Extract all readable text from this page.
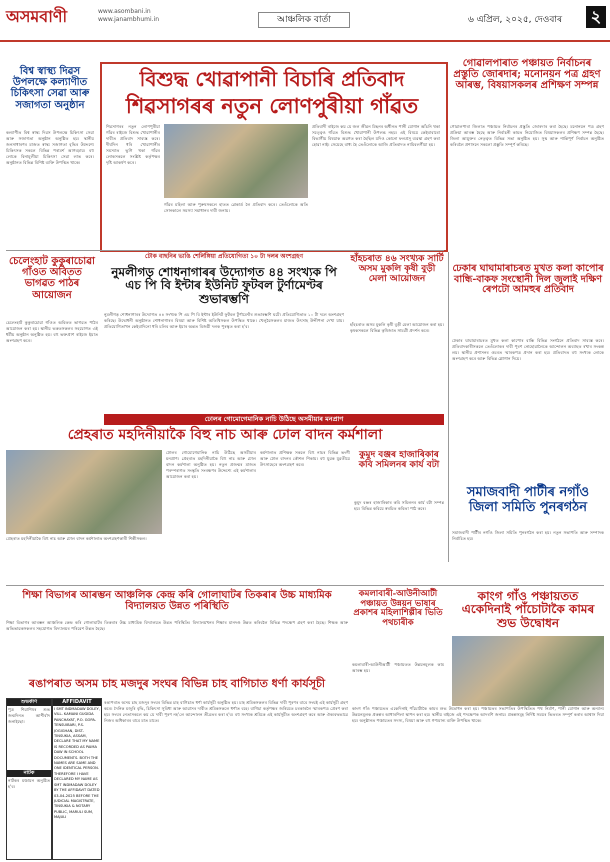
অসমবাণী	www.asombani.in
www.janambhumi.in	আঞ্চলিক বাৰ্তা	৬ এপ্ৰিল, ২০২৫, দেওবাৰ ২
বিশ্ব স্বাস্থ্য দিৱস উপলক্ষে কল্যাণীত চিকিৎসা সেৱা আৰু সজাগতা অনুষ্ঠান
কল্যাণীত বিশ্ব স্বাস্থ্য দিৱস উপলক্ষে চিকিৎসা সেৱা আৰু সজাগতা অনুষ্ঠান অনুষ্ঠিত হয়। স্থানীয় জনসাধাৰণৰ মাজত স্বাস্থ্য সজাগতা বৃদ্ধিৰ উদ্দেশ্যে চিকিৎসক সকলে বিভিন্ন পৰামৰ্শ আগবঢ়ায়। বহু লোকে বিনামূলীয়া চিকিৎসা সেৱা লাভ কৰে। অনুষ্ঠানত বিভিন্ন বিশিষ্ট ব্যক্তি উপস্থিত থাকে।
বিশুদ্ধ খোৱাপানী বিচাৰি প্ৰতিবাদ
শিৱসাগৰৰ নতুন লোণপুৰীয়া গাঁৱত
শিৱসাগৰৰ নতুন লোণপুৰীয়া গাঁৱৰ ৰাইজে বিশুদ্ধ খোৱাপানীৰ দাবীত প্ৰতিবাদ সাব্যস্ত কৰে। দীৰ্ঘদিন ধৰি খোৱাপানীৰ সমস্যাত ভুগি থকা গাঁৱৰ লোকসকলে সংশ্লিষ্ট কৰ্তৃপক্ষৰ দৃষ্টি আকৰ্ষণ কৰে।
গাঁৱৰ মহিলা আৰু পুৰুষসকলে হাতত প্লেকাৰ্ড লৈ প্ৰতিবাদ কৰে। তেওঁলোকে অতি সোনকালে সমস্যা সমাধানৰ দাবী জনায়।
প্ৰতিবাদী ৰাইজে কয় যে জল জীৱন মিছনৰ অধীনত পানী যোগান আঁচনি থকা সত্ত্বেও গাঁৱত বিশুদ্ধ খোৱাপানী উপলব্ধ নহয়। এই বিষয়ে কেইবাবাৰো বিভাগীয় বিষয়াক অৱগত কৰা হৈছিল যদিও কোনো ফলপ্ৰসূ ব্যৱস্থা গ্ৰহণ কৰা হোৱা নাই। সেয়েহে বাধ্য হৈ তেওঁলোকে আজি প্ৰতিবাদত নামিবলগীয়া হয়।
গোৱালপাৰাত পঞ্চায়ত নিৰ্বাচনৰ প্ৰস্তুতি জোৰদাৰ; মনোনয়ন পত্ৰ গ্ৰহণ আৰম্ভ, বিষয়াসকলৰ প্ৰশিক্ষণ সম্পন্ন
গোৱালপাৰা জিলাত পঞ্চায়ত নিৰ্বাচনৰ প্ৰস্তুতি জোৰদাৰ কৰা হৈছে। মনোনয়ন পত্ৰ গ্ৰহণ প্ৰক্ৰিয়া আৰম্ভ হৈছে আৰু নিৰ্বাচনী কামত নিয়োজিত বিষয়াসকলৰ প্ৰশিক্ষণ সম্পন্ন হৈছে। জিলা আয়ুক্তৰ নেতৃত্বত বিভিন্ন সভা অনুষ্ঠিত হয়। সুস্থ আৰু শান্তিপূৰ্ণ নিৰ্বাচন অনুষ্ঠিত কৰিবলৈ প্ৰশাসনে সকলো প্ৰস্তুতি সম্পূৰ্ণ কৰিছে।
চেলেংহাট কুকুৰাচোৱা গাঁওত অবিতত ভাগৱত পাঠৰ আয়োজন
চেলেংহাট কুকুৰাচোৱা গাঁওত অবিতত ভাগৱত পাঠৰ আয়োজন কৰা হয়। স্থানীয় ভকতসকলৰ সহযোগত এই ধৰ্মীয় অনুষ্ঠান অনুষ্ঠিত হয়। বহু ভক্তপ্ৰাণ ৰাইজে ইয়াত অংশগ্ৰহণ কৰে।
ঢৌক বাছনিৰ ভাঙি শেৰ্লিঙ্গিয়া প্ৰতিযোগিতা ১০ টা দলৰ অংশগ্ৰহণ
নুমলীগড় শোধনাগাৰৰ উদ্যোগত ৪৪ সংখ্যক পি এচ পি বি ইন্টাৰ ইউনিট ফুটবল টুৰ্ণামেণ্টৰ শুভাৰম্ভণি
নুমলীগড় শোধনাগাৰৰ উদ্যোগত ৪৪ সংখ্যক পি এচ পি বি ইন্টাৰ ইউনিট ফুটবল টুৰ্ণামেণ্টৰ শুভাৰম্ভণি ঘটে। প্ৰতিযোগিতাত ১০ টা দলে অংশগ্ৰহণ কৰিছে। উদ্বোধনী অনুষ্ঠানত শোধনাগাৰৰ বিষয়া আৰু বিশিষ্ট অতিথিসকল উপস্থিত থাকে। খেলুৱৈসকলৰ মাজত উৎসাহ উদ্দীপনা দেখা যায়। প্ৰতিযোগিতাখন কেইবাদিনো ধৰি চলিব আৰু ইয়াৰ অন্তত বিজয়ী দলক পুৰস্কৃত কৰা হ'ব।
হাঁহচৰাত ৪৬ সংখ্যক সাৰ্টি অসম মুকলি কৃষী বুড়ী মেলা আয়োজন
হাঁহচৰাত অসম মুকলি কৃষী বুড়ী মেলা আয়োজন কৰা হয়। কৃষকসকলে বিভিন্ন কৃষিজাত সামগ্ৰী প্ৰদৰ্শন কৰে।
ঢেকাৰ ঘাঘামাৰাচৰত মুখত কলা কাপোৰ বান্ধি-বাকফ সংস্থোনী দিল জুলাই দক্ষিণ ৰেপটো আমহুৰ প্ৰতিবাদ
ঢেকাৰ ঘাঘামাৰাচৰত মুখত কলা কাপোৰ বান্ধি বিভিন্ন সংগঠনে প্ৰতিবাদ সাব্যস্ত কৰে। প্ৰতিবাদকাৰীসকলে তেওঁলোকৰ দাবী পূৰণ নোহোৱালৈকে আন্দোলন অব্যাহত ৰখাৰ সংকল্প লয়। স্থানীয় প্ৰশাসনৰ ওচৰত স্মাৰকপত্ৰ প্ৰদান কৰা হয়। প্ৰতিবাদত বহু সংখ্যক লোকে অংশগ্ৰহণ কৰে আৰু বিভিন্ন শ্লোগান দিয়ে।
ঢোলৰ গোমোগেমানিক নাচি উঠিছে অসমীয়াৰ মনপ্ৰাণ
প্ৰেহৰাত মহদিনীয়াকৈ বিহু নাচ আৰু ঢোল বাদন কৰ্মশালা
প্ৰেহৰাত মহদিনীয়াকৈ বিহু নাচ আৰু ঢোল বাদন কৰ্মশালাত অংশগ্ৰহণকাৰী শিল্পীসকল।
ঢোলৰ গোমোগেমানিক নাচি উঠিছে অসমীয়াৰ মনপ্ৰাণ। প্ৰেহৰাত মহদিনীয়াকৈ বিহু নাচ আৰু ঢোল বাদন কৰ্মশালা অনুষ্ঠিত হয়। নতুন প্ৰজন্মৰ মাজত পৰম্পৰাগত সংস্কৃতি সংৰক্ষণৰ উদ্দেশ্যে এই কৰ্মশালাৰ আয়োজন কৰা হয়।
কৰ্মশালাত প্ৰশিক্ষক সকলে বিহু নাচৰ বিভিন্ন ভংগী আৰু ঢোল বাদনৰ কৌশল শিকায়। বহু যুৱক যুৱতীয়ে উৎসাহেৰে অংশগ্ৰহণ কৰে।
কুমুদ বঞ্জৰ হাজাৰিকাৰ কবি সমিলনৰ কাৰ্য বটা
কুমুদ বঞ্জৰ হাজাৰিকাৰ কবি সমিলনৰ কাৰ্য বটা সম্পন্ন হয়। বিভিন্ন কবিয়ে স্বৰচিত কবিতা পাঠ কৰে।
সমাজবাদী পাৰ্টীৰ নগাঁও জিলা সমিতি পুনৰগঠন
সমাজবাদী পাৰ্টীৰ নগাঁও জিলা সমিতি পুনৰগঠন কৰা হয়। নতুন সভাপতি আৰু সম্পাদক নিৰ্বাচিত হয়।
শিক্ষা বিভাগৰ আৰম্ভন আঞ্চলিক কেন্দ্ৰ কৰি গোলাঘাটৰ তিকৰাৰ উচ্চ মাধ্যমিক বিদ্যালয়ত উন্নত পৰিস্থিতি
শিক্ষা বিভাগৰ আৰম্ভন আঞ্চলিক কেন্দ্ৰ কৰি গোলাঘাটৰ তিকৰাৰ উচ্চ মাধ্যমিক বিদ্যালয়ত উন্নত পৰিস্থিতি। বিদ্যালয়খনৰ শিক্ষাৰ মানদণ্ড উন্নত কৰিবলৈ বিভিন্ন পদক্ষেপ গ্ৰহণ কৰা হৈছে। শিক্ষক আৰু অভিভাৱকসকলৰ সহযোগত বিদ্যালয়ৰ পৰিৱেশ উন্নত হৈছে।
কমলাবাৰী-আউনীআটী পঞ্চায়ত উন্নয়ন ভাষাৰ প্ৰকাশৰ মহিলাশিল্পীৰ ভিতি পথচাৰীক
কমলাবাৰী-আউনীআটী পঞ্চায়তত উন্নয়নমূলক কাম আৰম্ভ হয়।
কাংগ গাঁও পঞ্চায়তত একেদিনাই পাঁচোটাকৈ কামৰ শুভ উদ্বোধন
ৰঙাপৰাত অসম চাহ মজদুৰ সংঘৰ বিভিন্ন চাহ বাগিচাত ধৰ্ণা কাৰ্যসূচী
ৰঙাপৰাত অসম চাহ মজদুৰ সংঘৰ বিভিন্ন চাহ বাগিচাত ধৰ্ণা কাৰ্যসূচী অনুষ্ঠিত হয়। চাহ শ্ৰমিকসকলৰ বিভিন্ন দাবী পূৰণৰ বাবে সংঘই এই কাৰ্যসূচী গ্ৰহণ কৰে। দৈনিক মজুৰি বৃদ্ধি, চিকিৎসা সুবিধা আৰু আৱাসৰ দাবীত শ্ৰমিকসকলে ধৰ্ণাত বহে। বাগিচা কৰ্তৃপক্ষৰ জৰিয়তে চৰকাৰলৈ স্মাৰকপত্ৰ প্ৰেৰণ কৰা হয়। সংঘৰ নেতাসকলে কয় যে দাবী পূৰণ নহ'লে আন্দোলন তীব্ৰতৰ কৰা হ'ব। বহু সংখ্যক শ্ৰমিকে এই কাৰ্যসূচীত অংশগ্ৰহণ কৰে আৰু ঐক্যবদ্ধভাৱে নিজৰ অধিকাৰৰ বাবে মাত মাতে।
কাংগ গাঁও পঞ্চায়তত একেদিনাই পাঁচোটাকৈ কামৰ শুভ উদ্বোধন কৰা হয়। পঞ্চায়তৰ সভাপতিৰ উপস্থিতিত পথ নিৰ্মাণ, পানী যোগান আৰু অন্যান্য উন্নয়নমূলক প্ৰকল্পৰ আধাৰশিলা স্থাপন কৰা হয়। স্থানীয় ৰাইজে এই পদক্ষেপক আদৰণি জনায়। প্ৰকল্পসমূহ নিৰ্দিষ্ট সময়ৰ ভিতৰত সম্পূৰ্ণ কৰাৰ আশ্বাস দিয়া হয়। অনুষ্ঠানত পঞ্চায়তৰ সদস্য, বিষয়া আৰু বহু গণ্যমান্য ব্যক্তি উপস্থিত থাকে।
শুভৰ্কণি
পুত্ৰ শিৱাশিষৰ শুভ জন্মদিনত আশীৰ্বাদ জনাইছো।
নাটক
নাটকৰ মঞ্চায়ন অনুষ্ঠিত হ'ব।
AFFIDAVIT
I SMT INDMADAW DOLEY, VILL- KAMANI GUGIDA PANCHAYAT, P.O. GOPA-TENSUIBARI, P.S. JOGIGHAN, DIST- TINSUKIA, ASSAM, DECLARE THAT MY NAME IS RECORDED AS PAIMA DAW IN SCHOOL DOCUMENTS. BOTH THE NAMES ARE SAME AND ONE IDENTICAL PERSON. THEREFORE I HAVE DECLARED MY NAME AS SMT INDMADAW DOLEY BY THE AFFIDAVIT DATED 03-04-2025 BEFORE THE JUDICIAL MAGISTRATE, TINSUKIA & NOTARY PUBLIC, MARULI SUM, MAJULI
